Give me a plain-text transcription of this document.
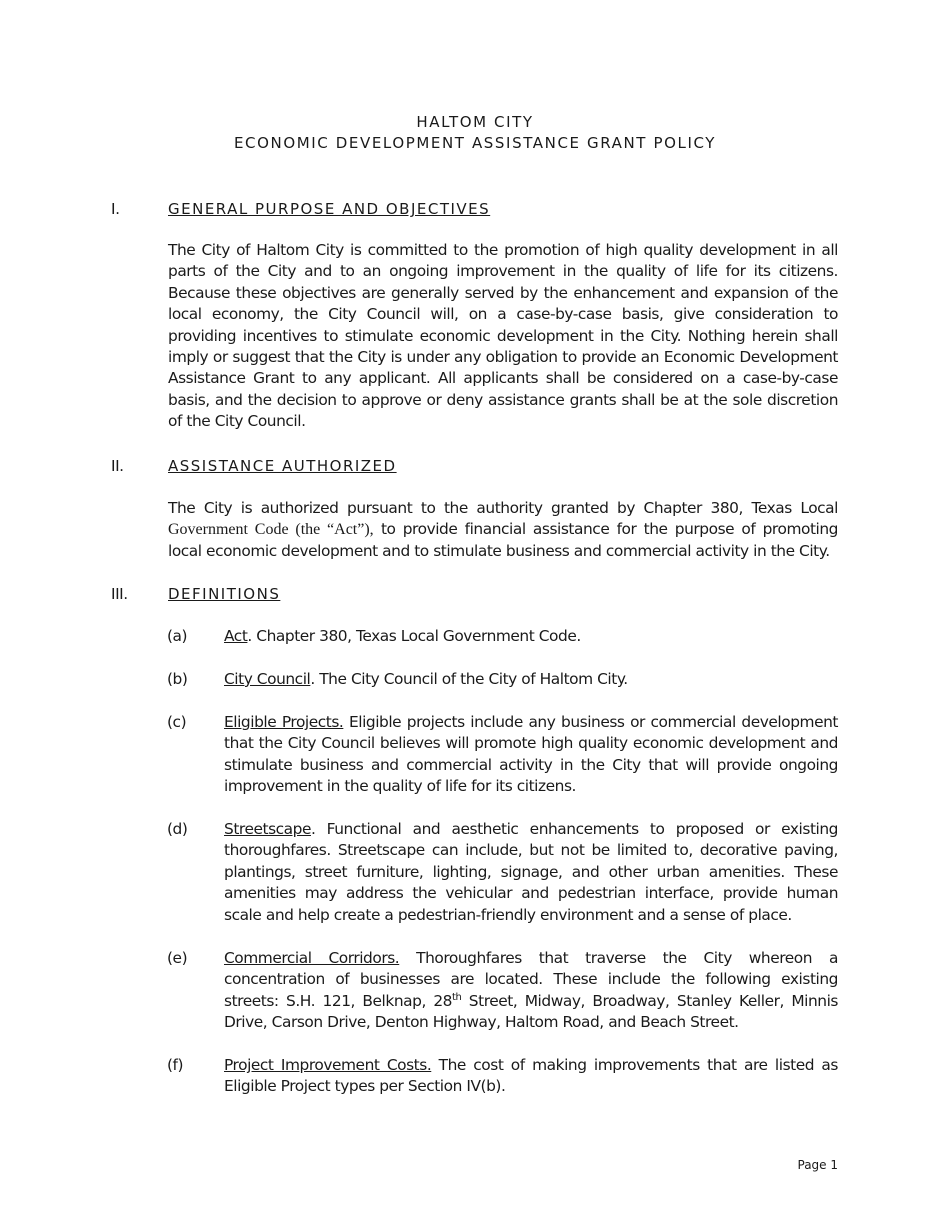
HALTOM CITY
ECONOMIC DEVELOPMENT ASSISTANCE GRANT POLICY
I.	GENERAL PURPOSE AND OBJECTIVES

The City of Haltom City is committed to the promotion of high quality development in all parts of the City and to an ongoing improvement in the quality of life for its citizens. Because these objectives are generally served by the enhancement and expansion of the local economy, the City Council will, on a case-by-case basis, give consideration to providing incentives to stimulate economic development in the City. Nothing herein shall imply or suggest that the City is under any obligation to provide an Economic Development Assistance Grant to any applicant. All applicants shall be considered on a case-by-case basis, and the decision to approve or deny assistance grants shall be at the sole discretion of the City Council.

II.	ASSISTANCE AUTHORIZED

The City is authorized pursuant to the authority granted by Chapter 380, Texas Local Government Code (the “Act”), to provide financial assistance for the purpose of promoting local economic development and to stimulate business and commercial activity in the City.

III.	DEFINITIONS
(a) Act. Chapter 380, Texas Local Government Code.

(b) City Council. The City Council of the City of Haltom City.

(c) Eligible Projects. Eligible projects include any business or commercial development that the City Council believes will promote high quality economic development and stimulate business and commercial activity in the City that will provide ongoing improvement in the quality of life for its citizens.

(d) Streetscape. Functional and aesthetic enhancements to proposed or existing thoroughfares. Streetscape can include, but not be limited to, decorative paving, plantings, street furniture, lighting, signage, and other urban amenities. These amenities may address the vehicular and pedestrian interface, provide human scale and help create a pedestrian-friendly environment and a sense of place.

(e) Commercial Corridors. Thoroughfares that traverse the City whereon a concentration of businesses are located. These include the following existing streets: S.H. 121, Belknap, 28th Street, Midway, Broadway, Stanley Keller, Minnis Drive, Carson Drive, Denton Highway, Haltom Road, and Beach Street.

(f)	Project Improvement Costs. The cost of making improvements that are listed as Eligible Project types per Section IV(b).

Page 1
